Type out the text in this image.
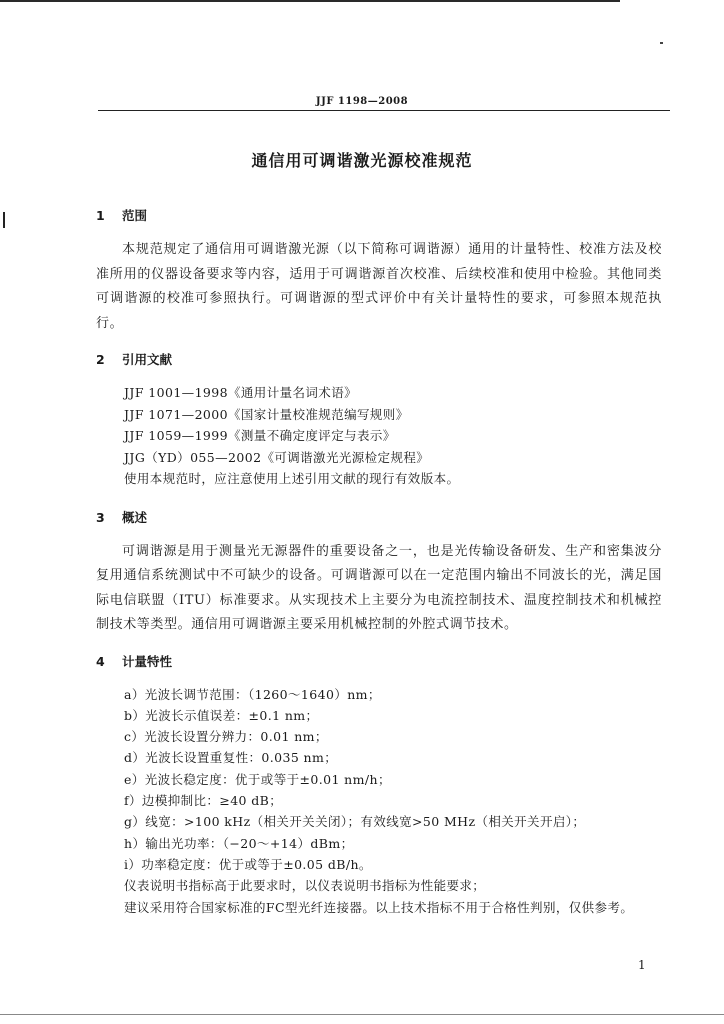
JJF 1198—2008
通信用可调谐激光源校准规范
1 范围

本规范规定了通信用可调谐激光源（以下简称可调谐源）通用的计量特性、校准方法及校准所用的仪器设备要求等内容，适用于可调谐源首次校准、后续校准和使用中检验。其他同类可调谐源的校准可参照执行。可调谐源的型式评价中有关计量特性的要求，可参照本规范执行。

2 引用文献
JJF 1001—1998《通用计量名词术语》
JJF 1071—2000《国家计量校准规范编写规则》
JJF 1059—1999《测量不确定度评定与表示》
JJG（YD）055—2002《可调谐激光光源检定规程》

使用本规范时，应注意使用上述引用文献的现行有效版本。

3 概述

可调谐源是用于测量光无源器件的重要设备之一，也是光传输设备研发、生产和密集波分复用通信系统测试中不可缺少的设备。可调谐源可以在一定范围内输出不同波长的光，满足国际电信联盟（ITU）标准要求。从实现技术上主要分为电流控制技术、温度控制技术和机械控制技术等类型。通信用可调谐源主要采用机械控制的外腔式调节技术。

4 计量特性
a）光波长调节范围：（1260～1640）nm；
b）光波长示值误差：±0.1 nm；
c）光波长设置分辨力：0.01 nm；
d）光波长设置重复性：0.035 nm；
e）光波长稳定度：优于或等于±0.01 nm/h；
f）边模抑制比：≥40 dB；
g）线宽：>100 kHz（相关开关关闭）；有效线宽>50 MHz（相关开关开启）；
h）输出光功率：（−20～+14）dBm；
i）功率稳定度：优于或等于±0.05 dB/h。

仪表说明书指标高于此要求时，以仪表说明书指标为性能要求；

建议采用符合国家标准的FC型光纤连接器。以上技术指标不用于合格性判别，仅供参考。

1
